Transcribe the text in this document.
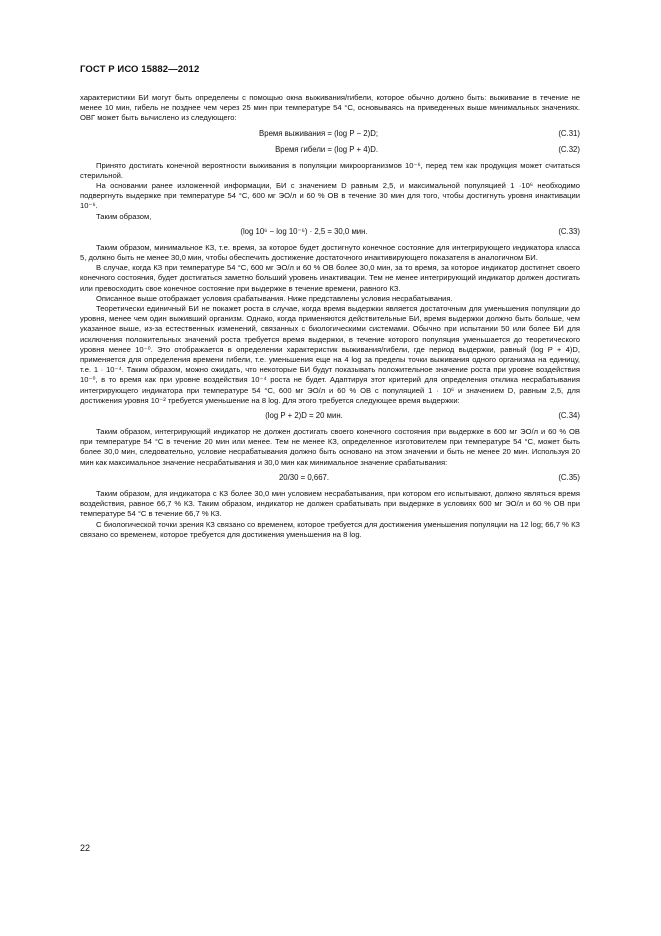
ГОСТ Р ИСО 15882—2012

характеристики БИ могут быть определены с помощью окна выживания/гибели, которое обычно должно быть: выживание в течение не менее 10 мин, гибель не позднее чем через 25 мин при температуре 54 °С, основываясь на приведенных выше минимальных значениях. ОВГ может быть вычислено из следующего:

Время выживания = (log P − 2)D;	(С.31)
Время гибели = (log P + 4)D.	(С.32)

Принято достигать конечной вероятности выживания в популяции микроорганизмов 10⁻⁶, перед тем как продукция может считаться стерильной.

На основании ранее изложенной информации, БИ с значением D равным 2,5, и максимальной популяцией 1 ·10⁶ необходимо подвергнуть выдержке при температуре 54 °С, 600 мг ЭО/л и 60 % ОВ в течение 30 мин для того, чтобы достигнуть уровня инактивации 10⁻⁶.

Таким образом,

(log 10⁶ − log 10⁻⁶) · 2,5 = 30,0 мин.	(С.33)

Таким образом, минимальное КЗ, т.е. время, за которое будет достигнуто конечное состояние для интегрирующего индикатора класса 5, должно быть не менее 30,0 мин, чтобы обеспечить достижение достаточного инактивирующего показателя в аналогичном БИ.

В случае, когда КЗ при температуре 54 °С, 600 мг ЭО/л и 60 % ОВ более 30,0 мин, за то время, за которое индикатор достигнет своего конечного состояния, будет достигаться заметно больший уровень инактивации. Тем не менее интегрирующий индикатор должен достигать или превосходить свое конечное состояние при выдержке в течение времени, равного КЗ.

Описанное выше отображает условия срабатывания. Ниже представлены условия несрабатывания.

Теоретически единичный БИ не покажет роста в случае, когда время выдержки является достаточным для уменьшения популяции до уровня, менее чем один выживший организм. Однако, когда применяются действительные БИ, время выдержки должно быть больше, чем указанное выше, из-за естественных изменений, связанных с биологическими системами. Обычно при испытании 50 или более БИ для исключения положительных значений роста требуется время выдержки, в течение которого популяция уменьшается до теоретического уровня менее 10⁻⁰. Это отображается в определении характеристик выживания/гибели, где период выдержки, равный (log P + 4)D, применяется для определения времени гибели, т.е. уменьшения еще на 4 log за пределы точки выживания одного организма на единицу, т.е. 1 · 10⁻⁴. Таким образом, можно ожидать, что некоторые БИ будут показывать положительное значение роста при уровне воздействия 10⁻⁰, в то время как при уровне воздействия 10⁻⁴ роста не будет. Адаптируя этот критерий для определения отклика несрабатывания интегрирующего индикатора при температуре 54 °С, 600 мг ЭО/л и 60 % ОВ с популяцией 1 · 10⁶ и значением D, равным 2,5, для достижения уровня 10⁻² требуется уменьшение на 8 log. Для этого требуется следующее время выдержки:

(log P + 2)D = 20 мин.	(С.34)

Таким образом, интегрирующий индикатор не должен достигать своего конечного состояния при выдержке в 600 мг ЭО/л и 60 % ОВ при температуре 54 °С в течение 20 мин или менее. Тем не менее КЗ, определенное изготовителем при температуре 54 °С, может быть более 30,0 мин, следовательно, условие несрабатывания должно быть основано на этом значении и быть не менее 20 мин. Используя 20 мин как максимальное значение несрабатывания и 30,0 мин как минимальное значение срабатывания:

20/30 = 0,667.	(С.35)

Таким образом, для индикатора с КЗ более 30,0 мин условием несрабатывания, при котором его испытывают, должно являться время воздействия, равное 66,7 % КЗ. Таким образом, индикатор не должен срабатывать при выдержке в условиях 600 мг ЭО/л и 60 % ОВ при температуре 54 °С в течение 66,7 % КЗ.

С биологической точки зрения КЗ связано со временем, которое требуется для достижения уменьшения популяции на 12 log; 66,7 % КЗ связано со временем, которое требуется для достижения уменьшения на 8 log.

22
